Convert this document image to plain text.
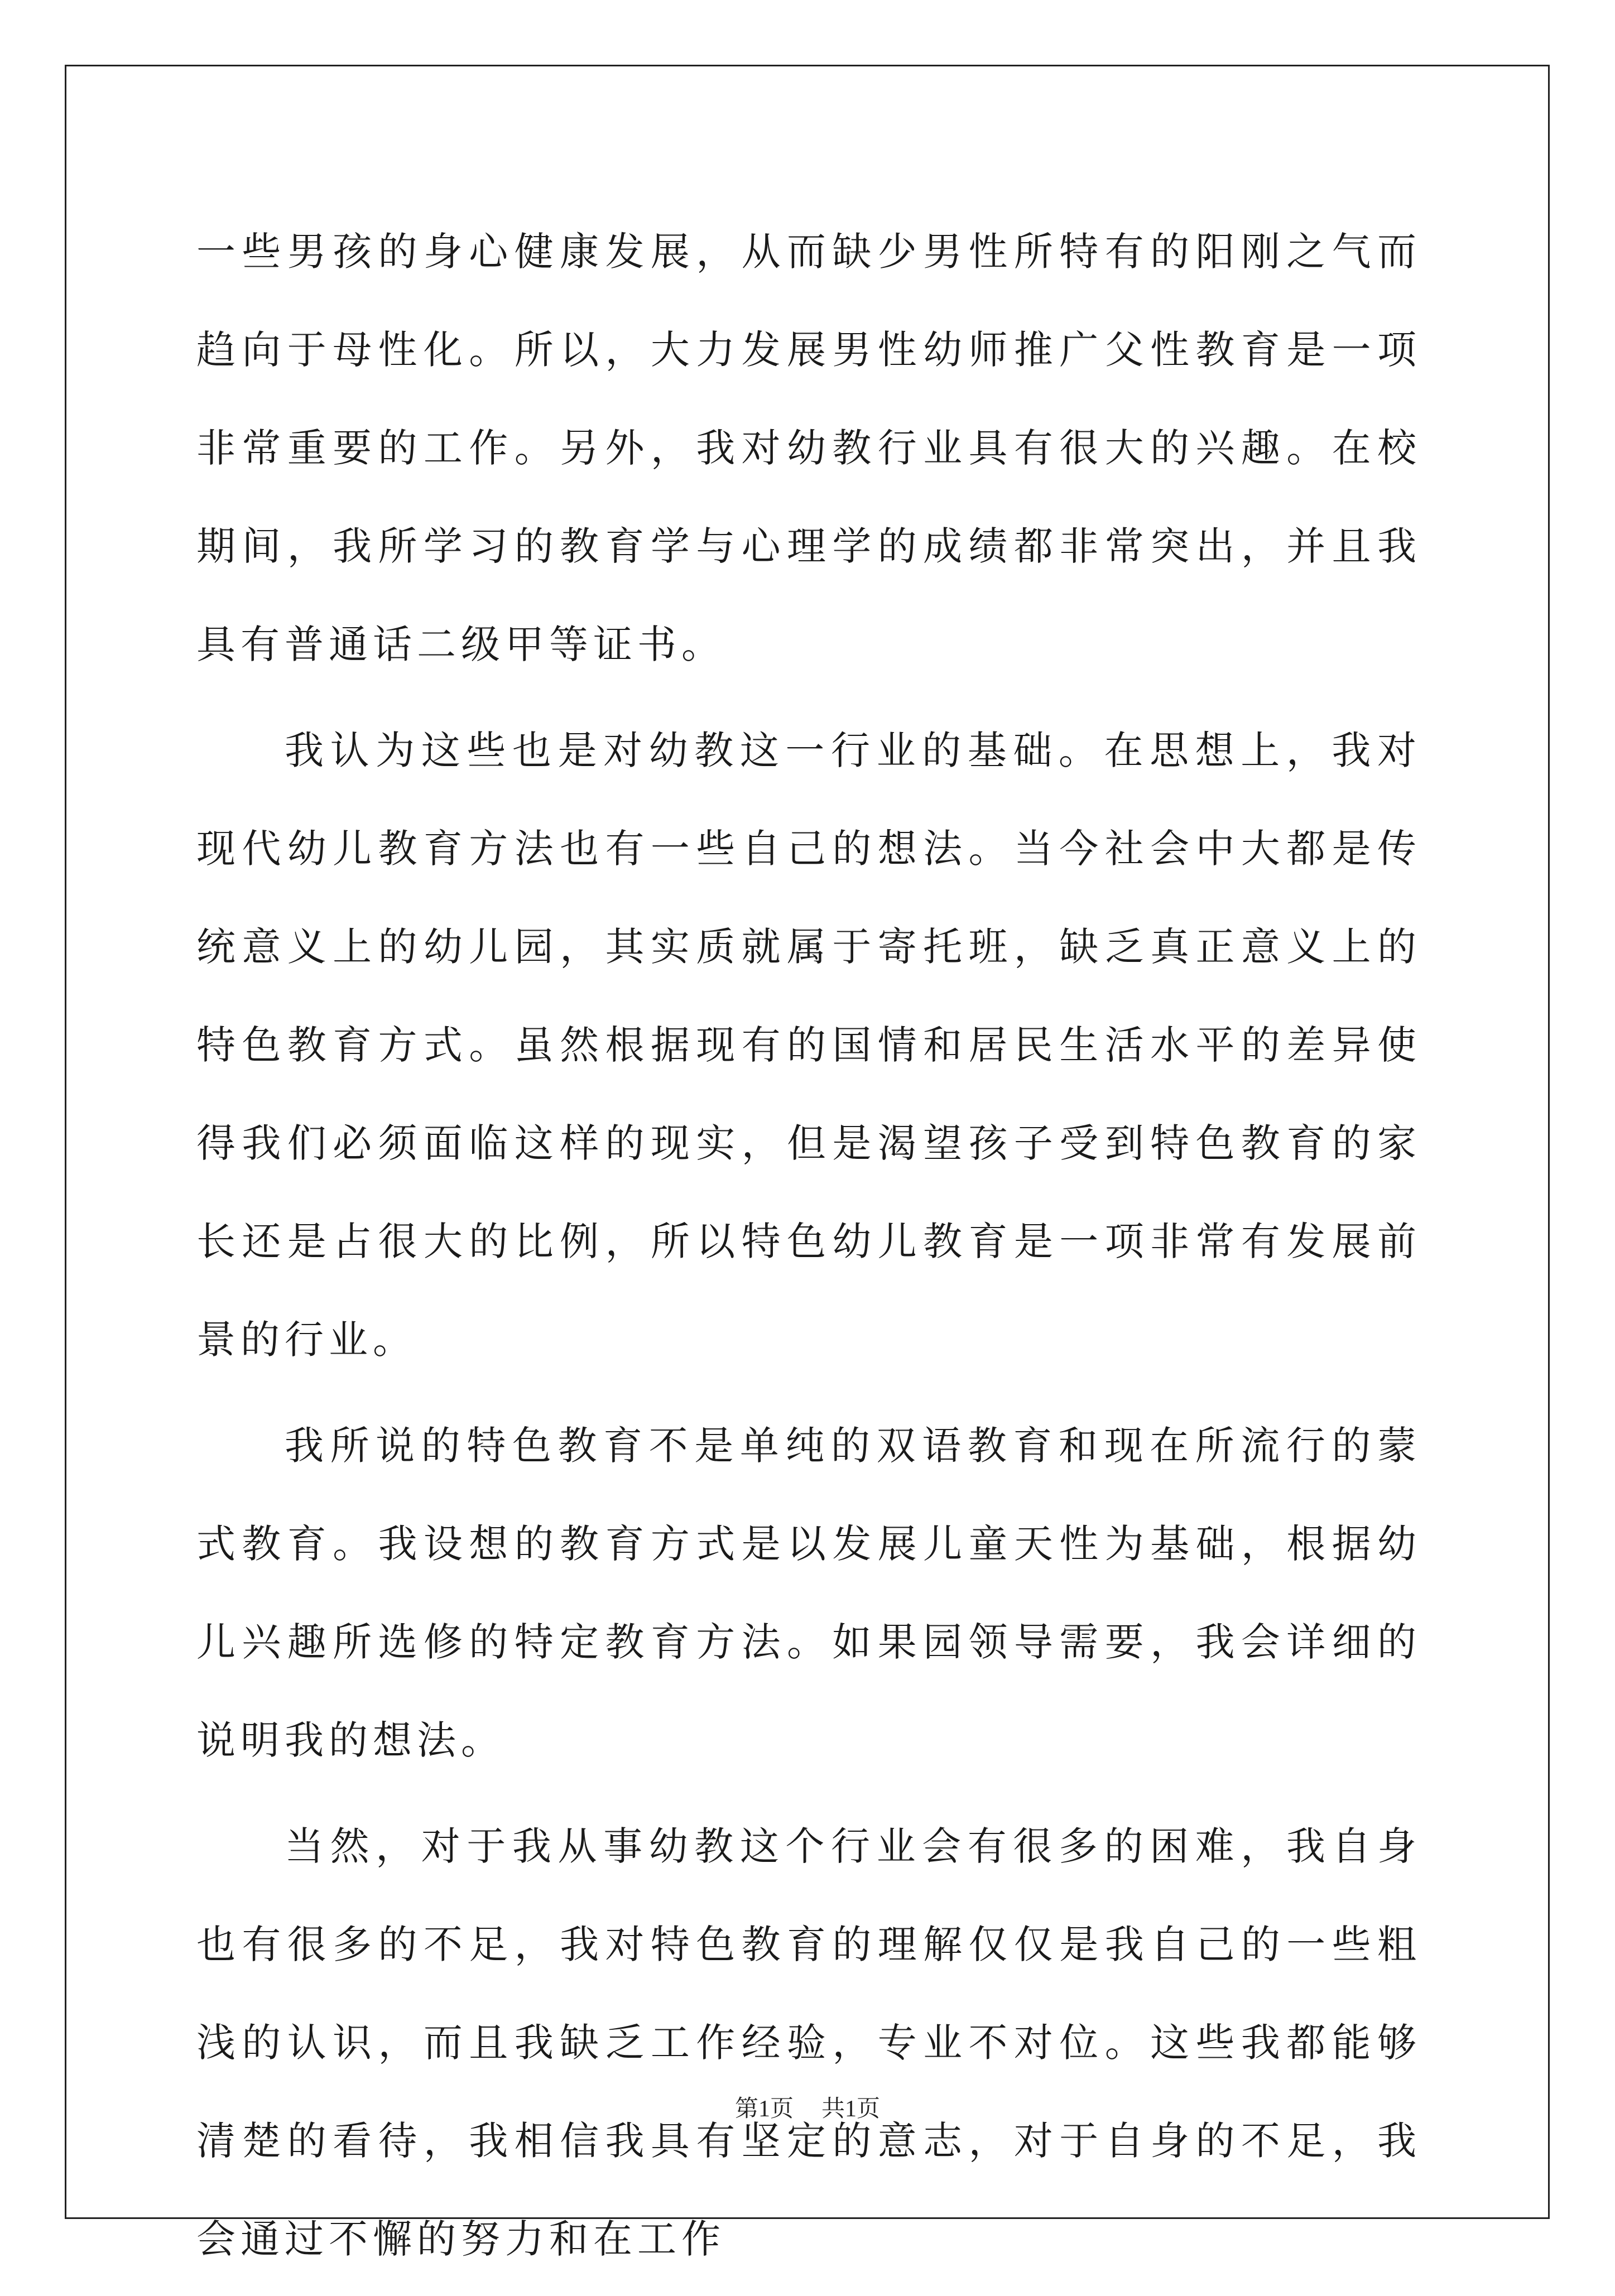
一些男孩的身心健康发展，从而缺少男性所特有的阳刚之气而趋向于母性化。所以，大力发展男性幼师推广父性教育是一项非常重要的工作。另外，我对幼教行业具有很大的兴趣。在校期间，我所学习的教育学与心理学的成绩都非常突出，并且我具有普通话二级甲等证书。

我认为这些也是对幼教这一行业的基础。在思想上，我对现代幼儿教育方法也有一些自己的想法。当今社会中大都是传统意义上的幼儿园，其实质就属于寄托班，缺乏真正意义上的特色教育方式。虽然根据现有的国情和居民生活水平的差异使得我们必须面临这样的现实，但是渴望孩子受到特色教育的家长还是占很大的比例，所以特色幼儿教育是一项非常有发展前景的行业。

我所说的特色教育不是单纯的双语教育和现在所流行的蒙式教育。我设想的教育方式是以发展儿童天性为基础，根据幼儿兴趣所选修的特定教育方法。如果园领导需要，我会详细的说明我的想法。

当然，对于我从事幼教这个行业会有很多的困难，我自身也有很多的不足，我对特色教育的理解仅仅是我自己的一些粗浅的认识，而且我缺乏工作经验，专业不对位。这些我都能够清楚的看待，我相信我具有坚定的意志，对于自身的不足，我会通过不懈的努力和在工作

第1页 共1页
